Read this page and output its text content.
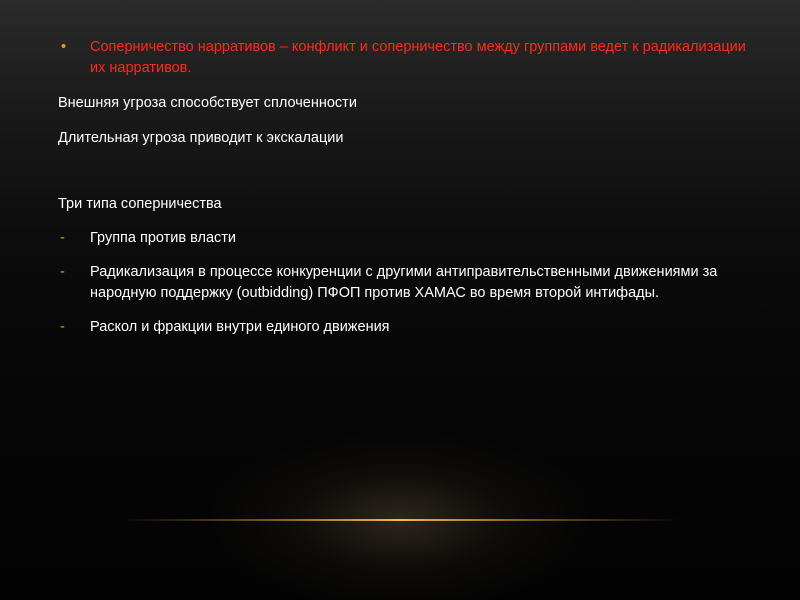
• Соперничество нарративов – конфликт и соперничество между группами ведет к радикализации их нарративов.

Внешняя угроза способствует сплоченности

Длительная угроза приводит к экскалации

Три типа соперничества

- Группа против власти
- Радикализация в процессе конкуренции с другими антиправительственными движениями за народную поддержку (outbidding) ПФОП против ХАМАС во время второй интифады.
- Раскол и фракции внутри единого движения
